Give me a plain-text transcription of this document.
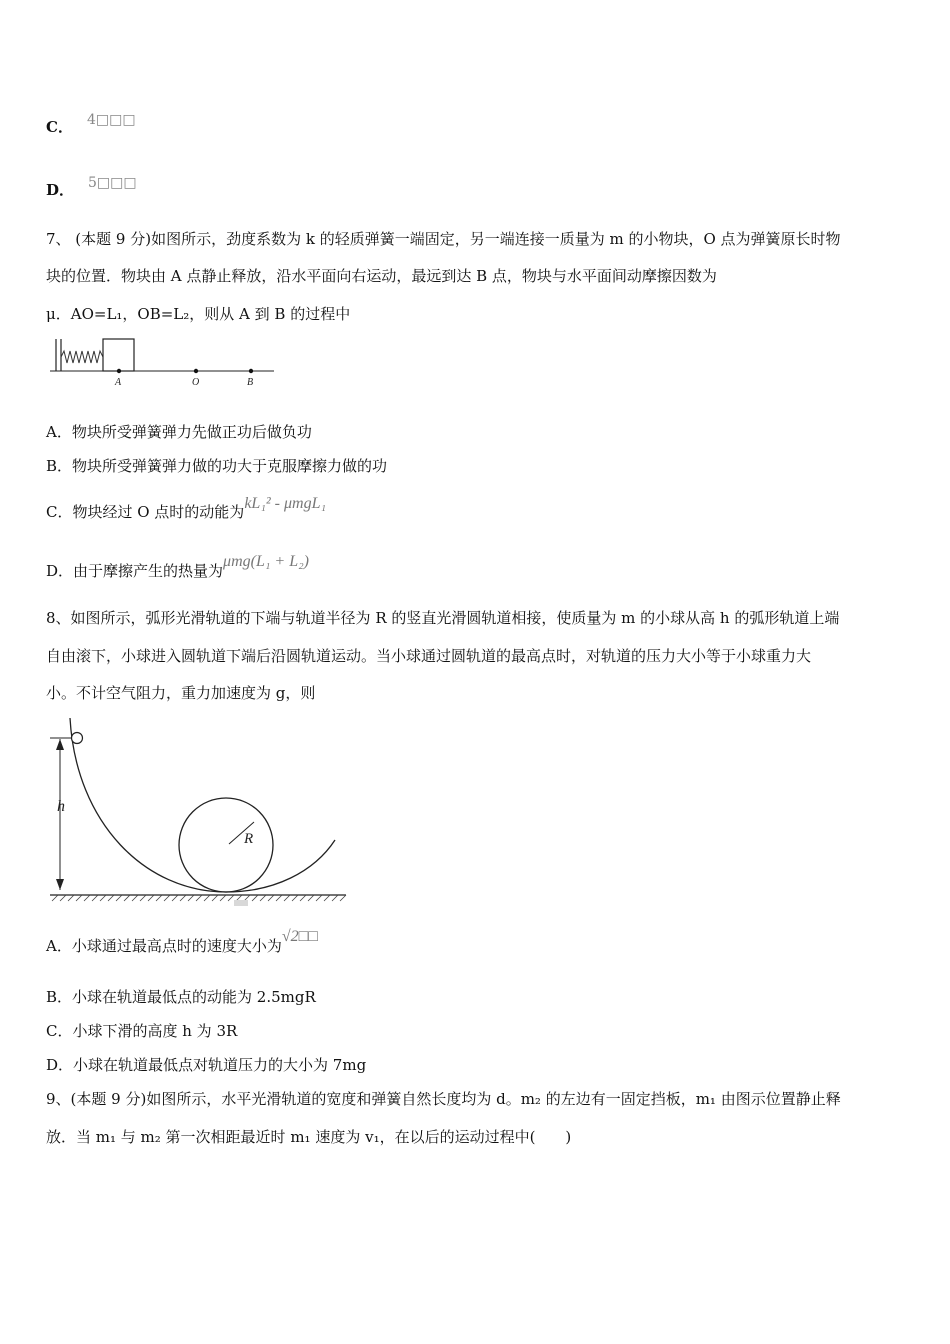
C． 4□□□
D． 5□□□
7、 (本题 9 分)如图所示，劲度系数为 k 的轻质弹簧一端固定，另一端连接一质量为 m 的小物块，O 点为弹簧原长时物
块的位置．物块由 A 点静止释放，沿水平面向右运动，最远到达 B 点，物块与水平面间动摩擦因数为
μ．AO=L₁，OB=L₂，则从 A 到 B 的过程中
A	O	B
A．物块所受弹簧弹力先做正功后做负功
B．物块所受弹簧弹力做的功大于克服摩擦力做的功
C．物块经过 O 点时的动能为kL₁² - μmgL₁
D．由于摩擦产生的热量为μmg(L₁ + L₂)
8、如图所示，弧形光滑轨道的下端与轨道半径为 R 的竖直光滑圆轨道相接，使质量为 m 的小球从高 h 的弧形轨道上端
自由滚下，小球进入圆轨道下端后沿圆轨道运动。当小球通过圆轨道的最高点时，对轨道的压力大小等于小球重力大
小。不计空气阻力，重力加速度为 g，则
h
R
A．小球通过最高点时的速度大小为√2□□
B．小球在轨道最低点的动能为 2.5mgR
C．小球下滑的高度 h 为 3R
D．小球在轨道最低点对轨道压力的大小为 7mg
9、(本题 9 分)如图所示，水平光滑轨道的宽度和弹簧自然长度均为 d。m₂ 的左边有一固定挡板，m₁ 由图示位置静止释
放．当 m₁ 与 m₂ 第一次相距最近时 m₁ 速度为 v₁，在以后的运动过程中(　　)
